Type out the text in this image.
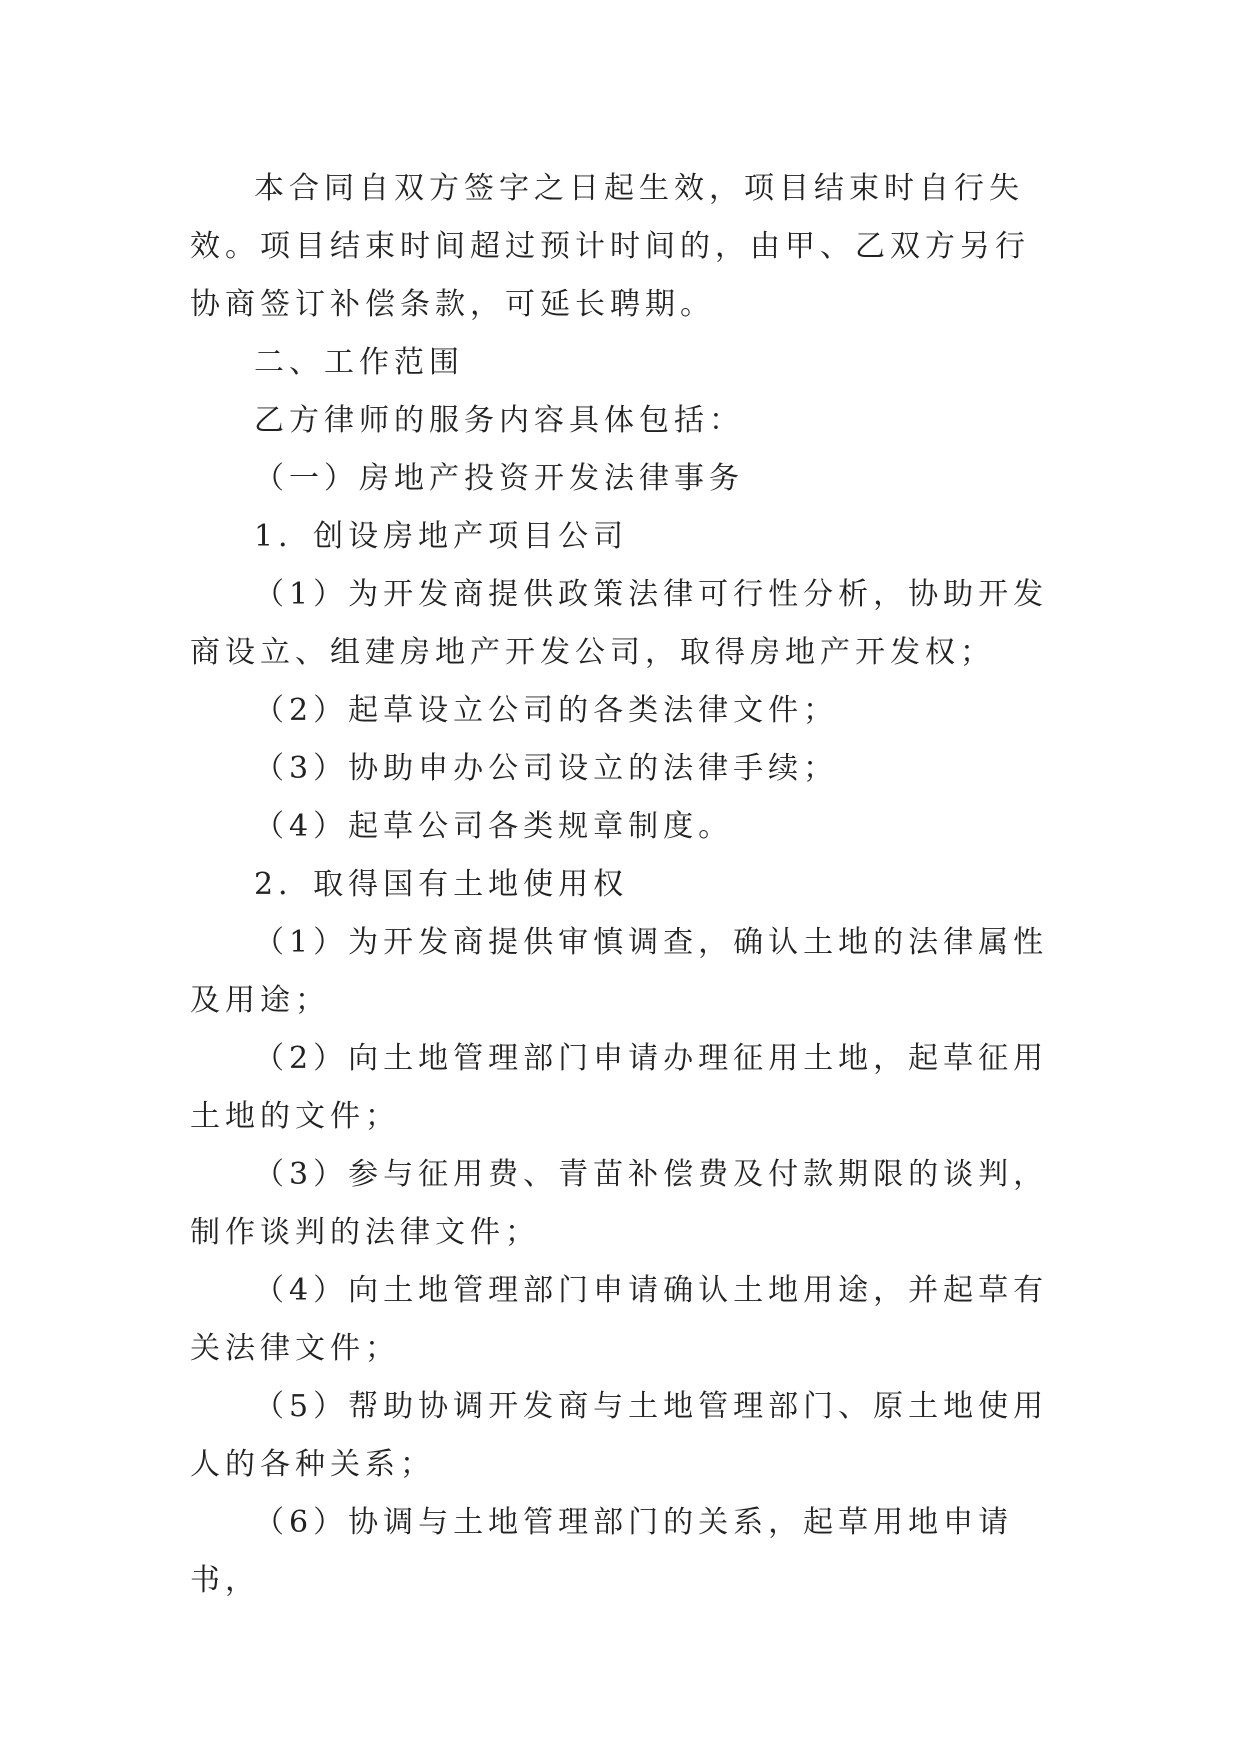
本合同自双方签字之日起生效，项目结束时自行失效。项目结束时间超过预计时间的，由甲、乙双方另行协商签订补偿条款，可延长聘期。

二、工作范围

乙方律师的服务内容具体包括：

（一）房地产投资开发法律事务

1．创设房地产项目公司

（1）为开发商提供政策法律可行性分析，协助开发商设立、组建房地产开发公司，取得房地产开发权；

（2）起草设立公司的各类法律文件；

（3）协助申办公司设立的法律手续；

（4）起草公司各类规章制度。

2．取得国有土地使用权

（1）为开发商提供审慎调查，确认土地的法律属性及用途；

（2）向土地管理部门申请办理征用土地，起草征用土地的文件；

（3）参与征用费、青苗补偿费及付款期限的谈判，制作谈判的法律文件；

（4）向土地管理部门申请确认土地用途，并起草有关法律文件；

（5）帮助协调开发商与土地管理部门、原土地使用人的各种关系；

（6）协调与土地管理部门的关系，起草用地申请书，
